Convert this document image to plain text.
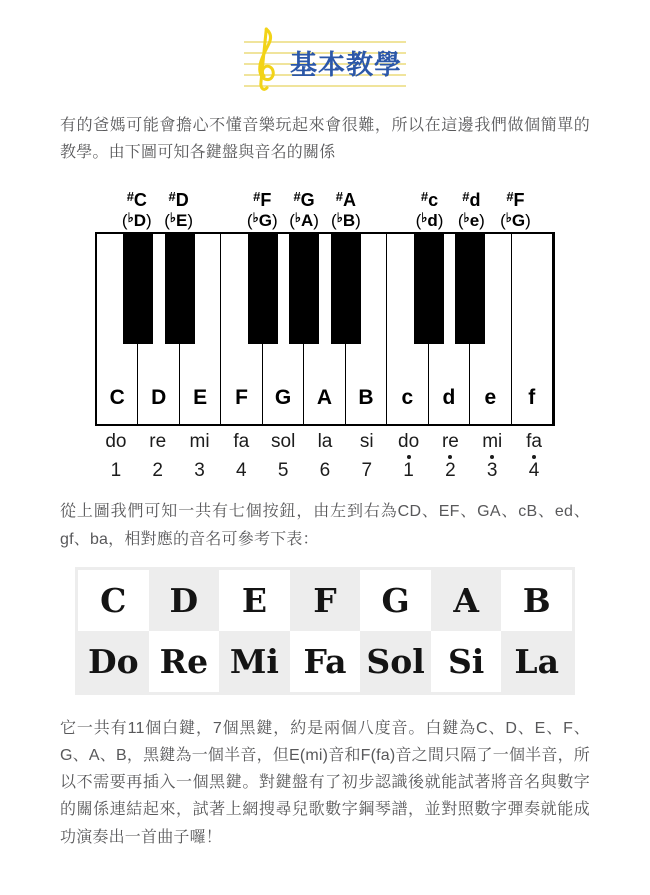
基本教學

有的爸媽可能會擔心不懂音樂玩起來會很難，所以在這邊我們做個簡單的教學。由下圖可知各鍵盤與音名的關係

#C
(♭D)
#D
(♭E)
#F
(♭G)
#G
(♭A)
#A
(♭B)
#c
(♭d)
#d
(♭e)
#F
(♭G)
C	D	E	F	G	A	B	c	d	e	f
do	re	mi	fa	sol	la	si	do	re	mi	fa
1	2	3	4	5	6	7	1	2	3	4

從上圖我們可知一共有七個按鈕，由左到右為CD、EF、GA、cB、ed、gf、ba，相對應的音名可參考下表：

C	D	E	F	G	A	B
Do Re Mi Fa Sol Si La

它一共有11個白鍵，7個黑鍵，約是兩個八度音。白鍵為C、D、E、F、G、A、B，黑鍵為一個半音，但E(mi)音和F(fa)音之間只隔了一個半音，所以不需要再插入一個黑鍵。對鍵盤有了初步認識後就能試著將音名與數字的關係連結起來，試著上網搜尋兒歌數字鋼琴譜，並對照數字彈奏就能成功演奏出一首曲子囉！
